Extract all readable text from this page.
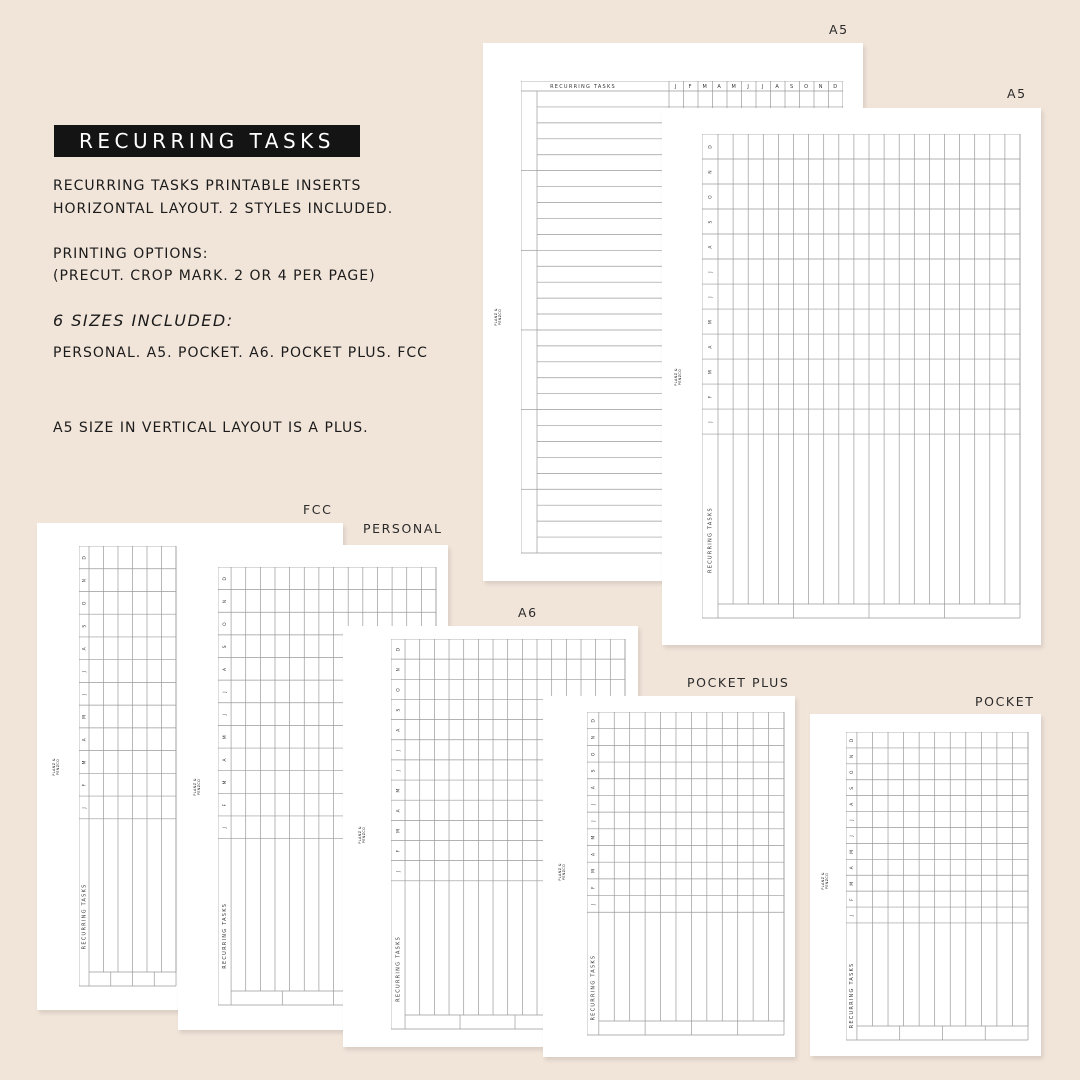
RECURRING TASKS
RECURRING TASKS PRINTABLE INSERTS
HORIZONTAL LAYOUT. 2 STYLES INCLUDED.
PRINTING OPTIONS:
(PRECUT. CROP MARK. 2 OR 4 PER PAGE)
6 SIZES INCLUDED:
PERSONAL. A5. POCKET. A6. POCKET PLUS. FCC
A5 SIZE IN VERTICAL LAYOUT IS A PLUS.
A5
A5
FCC
PERSONAL
A6
POCKET PLUS
POCKET
RECURRING TASKS	J F M A M J J A S O N D
PLANZ & PENZCO
D
N
O
S
A
J
J
M
A
M
F
J
RECURRING TASKS
PLANZ & PENZCO
D
N
O
S
A
J
J
M
A
M
F
J
RECURRING TASKS
PLANZ & PENZCO
D
N
O
S
A
J
J
M
A
M
F
J
RECURRING TASKS
PLANZ & PENZCO
D
N
O
S
A
J
J
M
A
M
F
J
RECURRING TASKS
PLANZ & PENZCO
D
N
O
S
A
J
J
M
A
M
F
J
RECURRING TASKS
PLANZ & PENZCO
D
N
O
S
A
J
J
M
A
M
F
J
RECURRING TASKS
PLANZ & PENZCO
